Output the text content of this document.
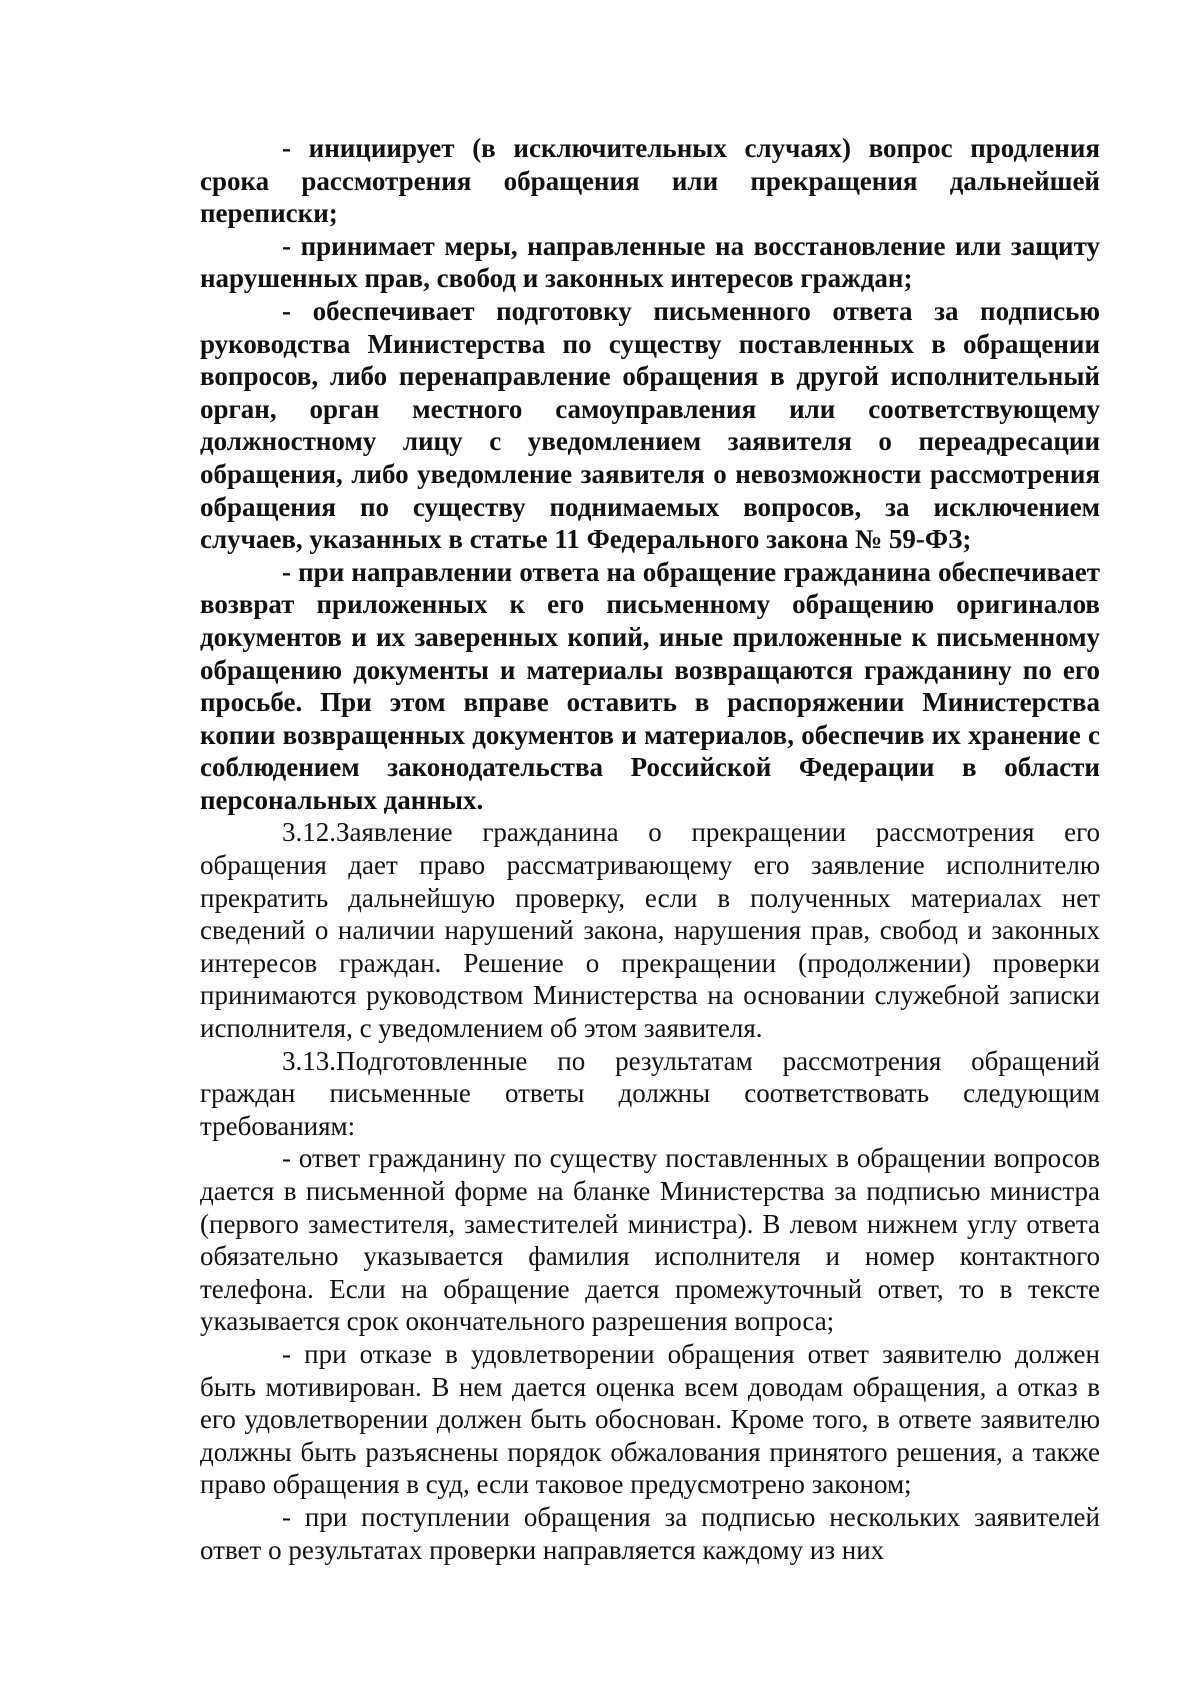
- инициирует (в исключительных случаях) вопрос продления срока рассмотрения обращения или прекращения дальнейшей переписки;

- принимает меры, направленные на восстановление или защиту нарушенных прав, свобод и законных интересов граждан;

- обеспечивает подготовку письменного ответа за подписью руководства Министерства по существу поставленных в обращении вопросов, либо перенаправление обращения в другой исполнительный орган, орган местного самоуправления или соответствующему должностному лицу с уведомлением заявителя о переадресации обращения, либо уведомление заявителя о невозможности рассмотрения обращения по существу поднимаемых вопросов, за исключением случаев, указанных в статье 11 Федерального закона № 59-ФЗ;

- при направлении ответа на обращение гражданина обеспечивает возврат приложенных к его письменному обращению оригиналов документов и их заверенных копий, иные приложенные к письменному обращению документы и материалы возвращаются гражданину по его просьбе. При этом вправе оставить в распоряжении Министерства копии возвращенных документов и материалов, обеспечив их хранение с соблюдением законодательства Российской Федерации в области персональных данных.

3.12.Заявление гражданина о прекращении рассмотрения его обращения дает право рассматривающему его заявление исполнителю прекратить дальнейшую проверку, если в полученных материалах нет сведений о наличии нарушений закона, нарушения прав, свобод и законных интересов граждан. Решение о прекращении (продолжении) проверки принимаются руководством Министерства на основании служебной записки исполнителя, с уведомлением об этом заявителя.

3.13.Подготовленные по результатам рассмотрения обращений граждан письменные ответы должны соответствовать следующим требованиям:

- ответ гражданину по существу поставленных в обращении вопросов дается в письменной форме на бланке Министерства за подписью министра (первого заместителя, заместителей министра). В левом нижнем углу ответа обязательно указывается фамилия исполнителя и номер контактного телефона. Если на обращение дается промежуточный ответ, то в тексте указывается срок окончательного разрешения вопроса;

- при отказе в удовлетворении обращения ответ заявителю должен быть мотивирован. В нем дается оценка всем доводам обращения, а отказ в его удовлетворении должен быть обоснован. Кроме того, в ответе заявителю должны быть разъяснены порядок обжалования принятого решения, а также право обращения в суд, если таковое предусмотрено законом;

- при поступлении обращения за подписью нескольких заявителей ответ о результатах проверки направляется каждому из них
